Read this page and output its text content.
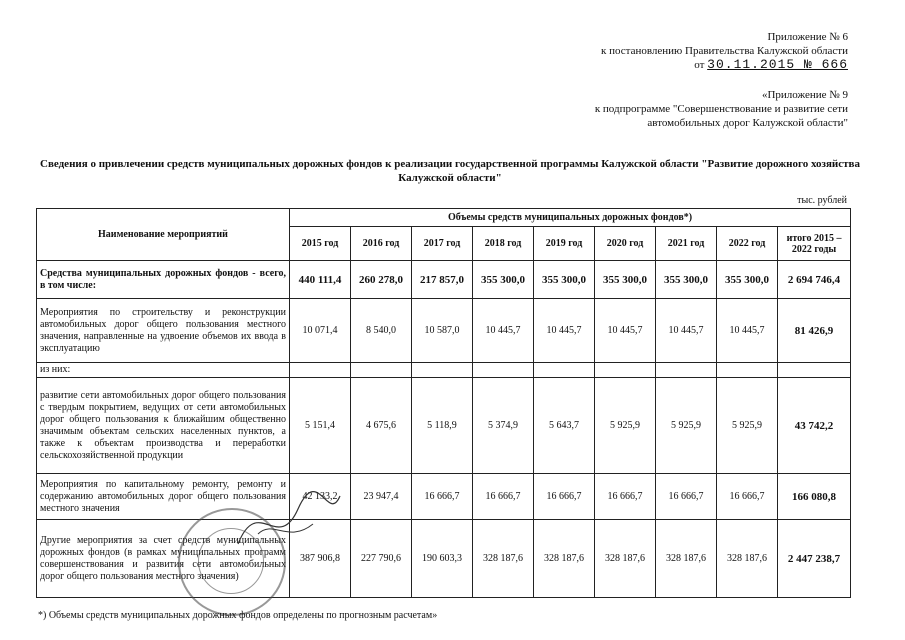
Приложение № 6
к постановлению Правительства Калужской области
от 30.11.2015 № 666
«Приложение № 9
к подпрограмме "Совершенствование и развитие сети
автомобильных дорог Калужской области"
Сведения о привлечении средств муниципальных дорожных фондов к реализации государственной программы Калужской области "Развитие дорожного хозяйства Калужской области"
тыс. рублей
Наименование мероприятий	Объемы средств муниципальных дорожных фондов*)								
	2015 год	2016 год	2017 год	2018 год	2019 год	2020 год	2021 год	2022 год	итого 2015 – 2022 годы
Средства муниципальных дорожных фондов - всего, в том числе:	440 111,4	260 278,0	217 857,0	355 300,0	355 300,0	355 300,0	355 300,0	355 300,0	2 694 746,4
Мероприятия по строительству и реконструкции автомобильных дорог общего пользования местного значения, направленные на удвоение объемов их ввода в эксплуатацию	10 071,4	8 540,0	10 587,0	10 445,7	10 445,7	10 445,7	10 445,7	10 445,7	81 426,9
из них:									
развитие сети автомобильных дорог общего пользования с твердым покрытием, ведущих от сети автомобильных дорог общего пользования к ближайшим общественно значимым объектам сельских населенных пунктов, а также к объектам производства и переработки сельскохозяйственной продукции	5 151,4	4 675,6	5 118,9	5 374,9	5 643,7	5 925,9	5 925,9	5 925,9	43 742,2
Мероприятия по капитальному ремонту, ремонту и содержанию автомобильных дорог общего пользования местного значения	42 133,2	23 947,4	16 666,7	16 666,7	16 666,7	16 666,7	16 666,7	16 666,7	166 080,8
Другие мероприятия за счет средств муниципальных дорожных фондов (в рамках муниципальных программ совершенствования и развития сети автомобильных дорог общего пользования местного значения)	387 906,8	227 790,6	190 603,3	328 187,6	328 187,6	328 187,6	328 187,6	328 187,6	2 447 238,7
*) Объемы средств муниципальных дорожных фондов определены по прогнозным расчетам»
